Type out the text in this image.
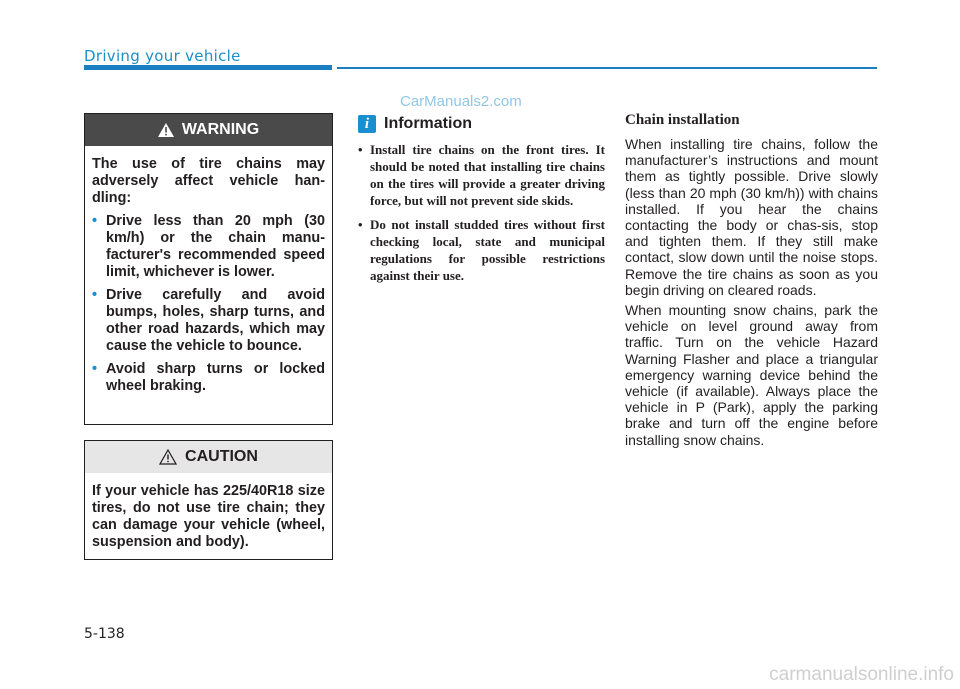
Driving your vehicle
CarManuals2.com
WARNING

The use of tire chains may adversely affect vehicle han-dling:

• Drive less than 20 mph (30 km/h) or the chain manu-facturer's recommended speed limit, whichever is lower.
• Drive carefully and avoid bumps, holes, sharp turns, and other road hazards, which may cause the vehicle to bounce.
• Avoid sharp turns or locked wheel braking.
CAUTION

If your vehicle has 225/40R18 size tires, do not use tire chain; they can damage your vehicle (wheel, suspension and body).

i Information
• Install tire chains on the front tires. It should be noted that installing tire chains on the tires will provide a greater driving force, but will not prevent side skids.
• Do not install studded tires without first checking local, state and municipal regulations for possible restrictions against their use.
Chain installation

When installing tire chains, follow the manufacturer’s instructions and mount them as tightly possible. Drive slowly (less than 20 mph (30 km/h)) with chains installed. If you hear the chains contacting the body or chas-sis, stop and tighten them. If they still make contact, slow down until the noise stops. Remove the tire chains as soon as you begin driving on cleared roads.

When mounting snow chains, park the vehicle on level ground away from traffic. Turn on the vehicle Hazard Warning Flasher and place a triangular emergency warning device behind the vehicle (if available). Always place the vehicle in P (Park), apply the parking brake and turn off the engine before installing snow chains.

5-138
carmanualsonline.info
